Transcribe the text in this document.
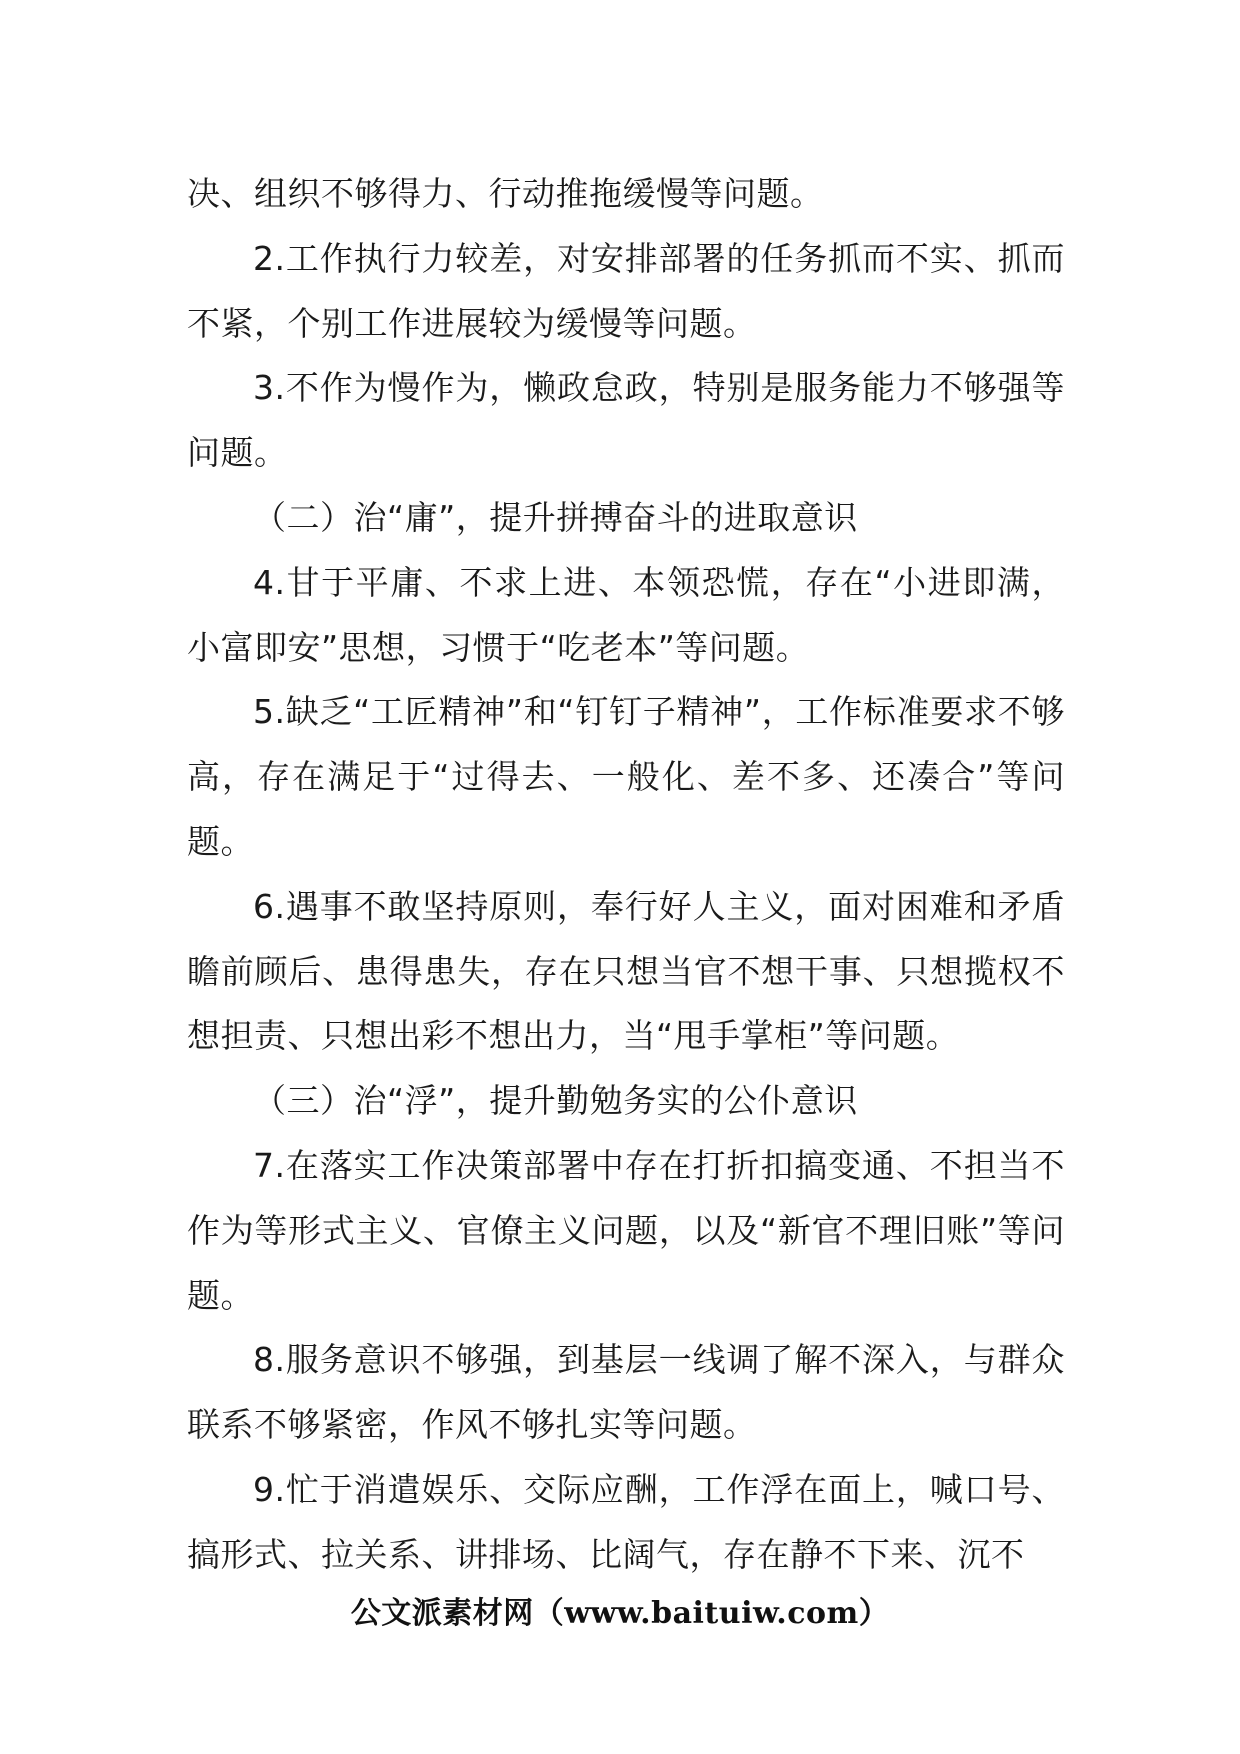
决、组织不够得力、行动推拖缓慢等问题。

2.工作执行力较差，对安排部署的任务抓而不实、抓而不紧，个别工作进展较为缓慢等问题。

3.不作为慢作为，懒政怠政，特别是服务能力不够强等问题。

（二）治“庸”，提升拼搏奋斗的进取意识

4.甘于平庸、不求上进、本领恐慌，存在“小进即满，小富即安”思想，习惯于“吃老本”等问题。

5.缺乏“工匠精神”和“钉钉子精神”，工作标准要求不够高，存在满足于“过得去、一般化、差不多、还凑合”等问题。

6.遇事不敢坚持原则，奉行好人主义，面对困难和矛盾瞻前顾后、患得患失，存在只想当官不想干事、只想揽权不想担责、只想出彩不想出力，当“甩手掌柜”等问题。

（三）治“浮”，提升勤勉务实的公仆意识

7.在落实工作决策部署中存在打折扣搞变通、不担当不作为等形式主义、官僚主义问题，以及“新官不理旧账”等问题。

8.服务意识不够强，到基层一线调了解不深入，与群众联系不够紧密，作风不够扎实等问题。

9.忙于消遣娱乐、交际应酬，工作浮在面上，喊口号、搞形式、拉关系、讲排场、比阔气，存在静不下来、沉不

公文派素材网（www.baituiw.com）
